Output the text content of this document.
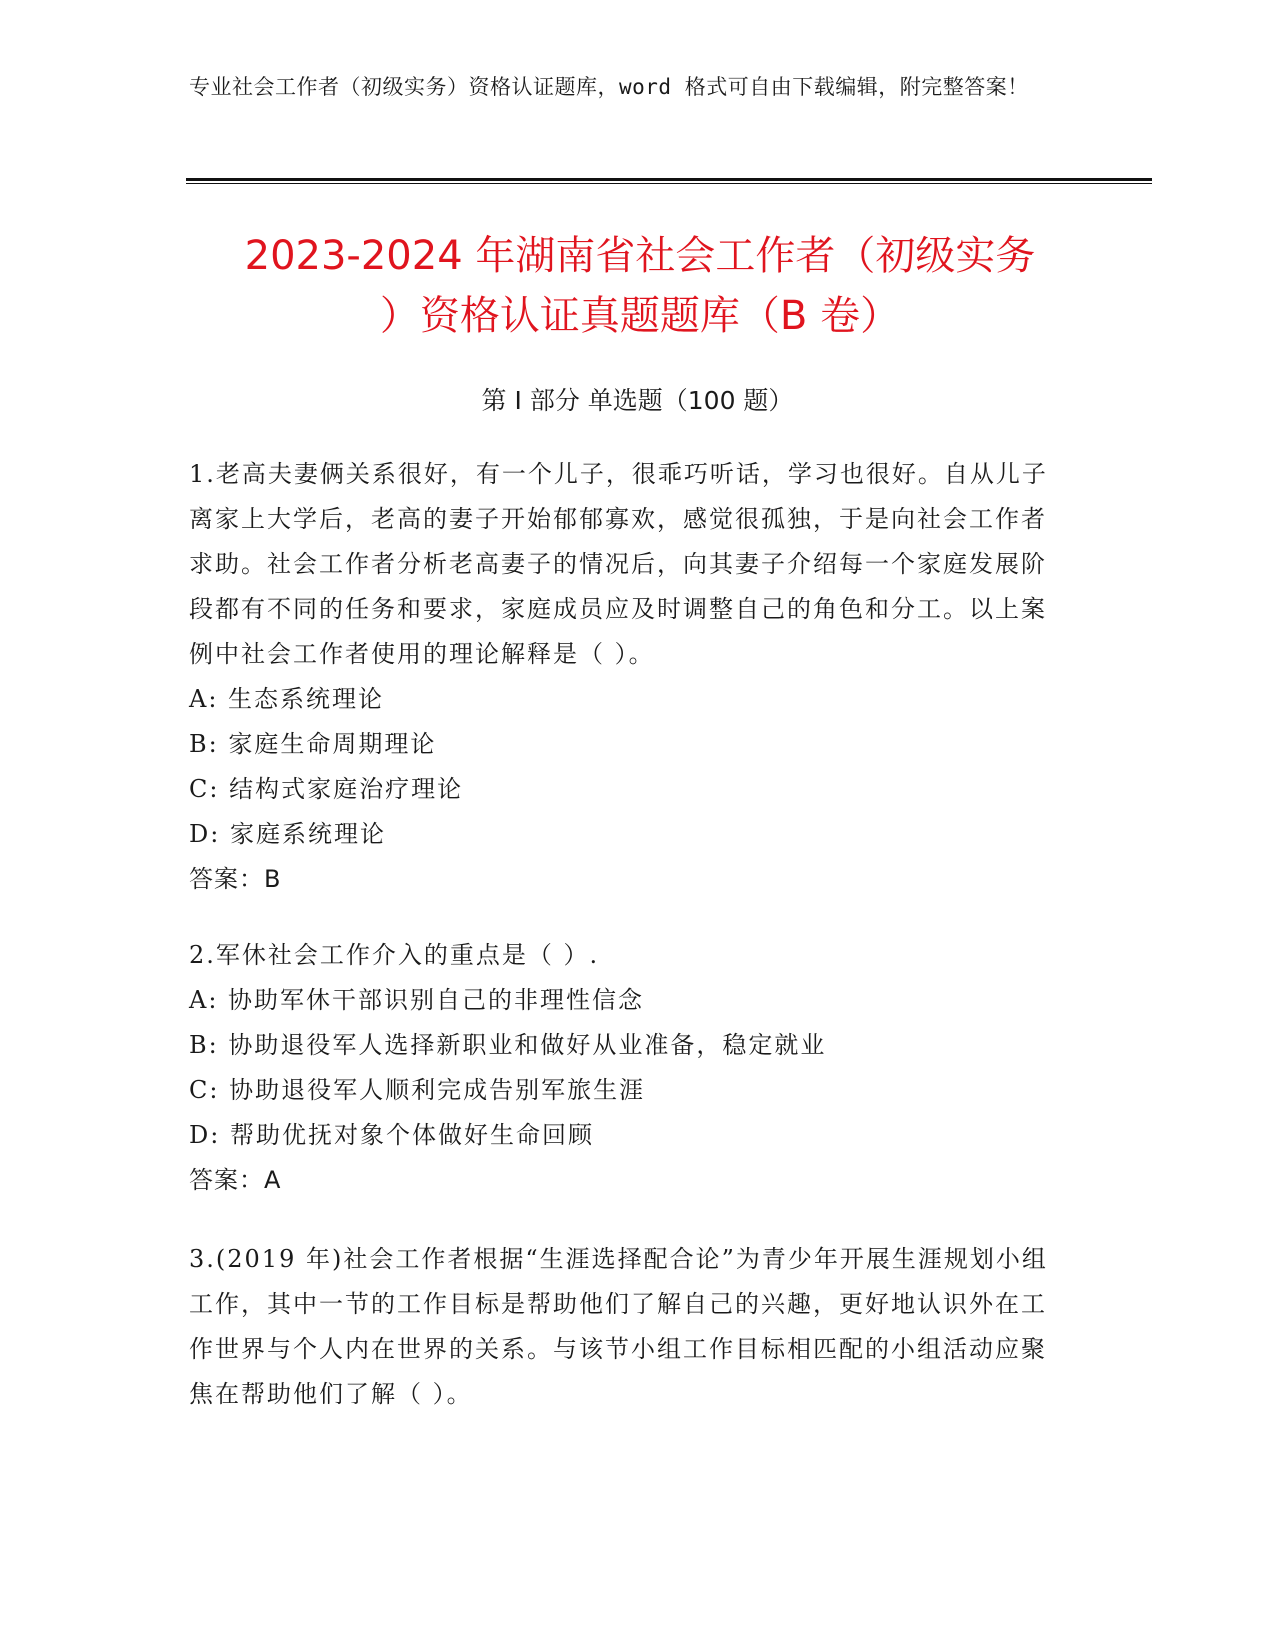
专业社会工作者（初级实务）资格认证题库，word 格式可自由下载编辑，附完整答案！
2023-2024 年湖南省社会工作者（初级实务
）资格认证真题题库（B 卷）
第 I 部分 单选题（100 题）

1.老高夫妻俩关系很好，有一个儿子，很乖巧听话，学习也很好。自从儿子离家上大学后，老高的妻子开始郁郁寡欢，感觉很孤独，于是向社会工作者求助。社会工作者分析老高妻子的情况后，向其妻子介绍每一个家庭发展阶段都有不同的任务和要求，家庭成员应及时调整自己的角色和分工。以上案例中社会工作者使用的理论解释是（ ）。

A: 生态系统理论

B: 家庭生命周期理论

C: 结构式家庭治疗理论

D: 家庭系统理论

答案：B

2.军休社会工作介入的重点是（ ）.

A: 协助军休干部识别自己的非理性信念

B: 协助退役军人选择新职业和做好从业准备，稳定就业

C: 协助退役军人顺利完成告别军旅生涯

D: 帮助优抚对象个体做好生命回顾

答案：A

3.(2019 年)社会工作者根据“生涯选择配合论”为青少年开展生涯规划小组工作，其中一节的工作目标是帮助他们了解自己的兴趣，更好地认识外在工作世界与个人内在世界的关系。与该节小组工作目标相匹配的小组活动应聚焦在帮助他们了解（ ）。
